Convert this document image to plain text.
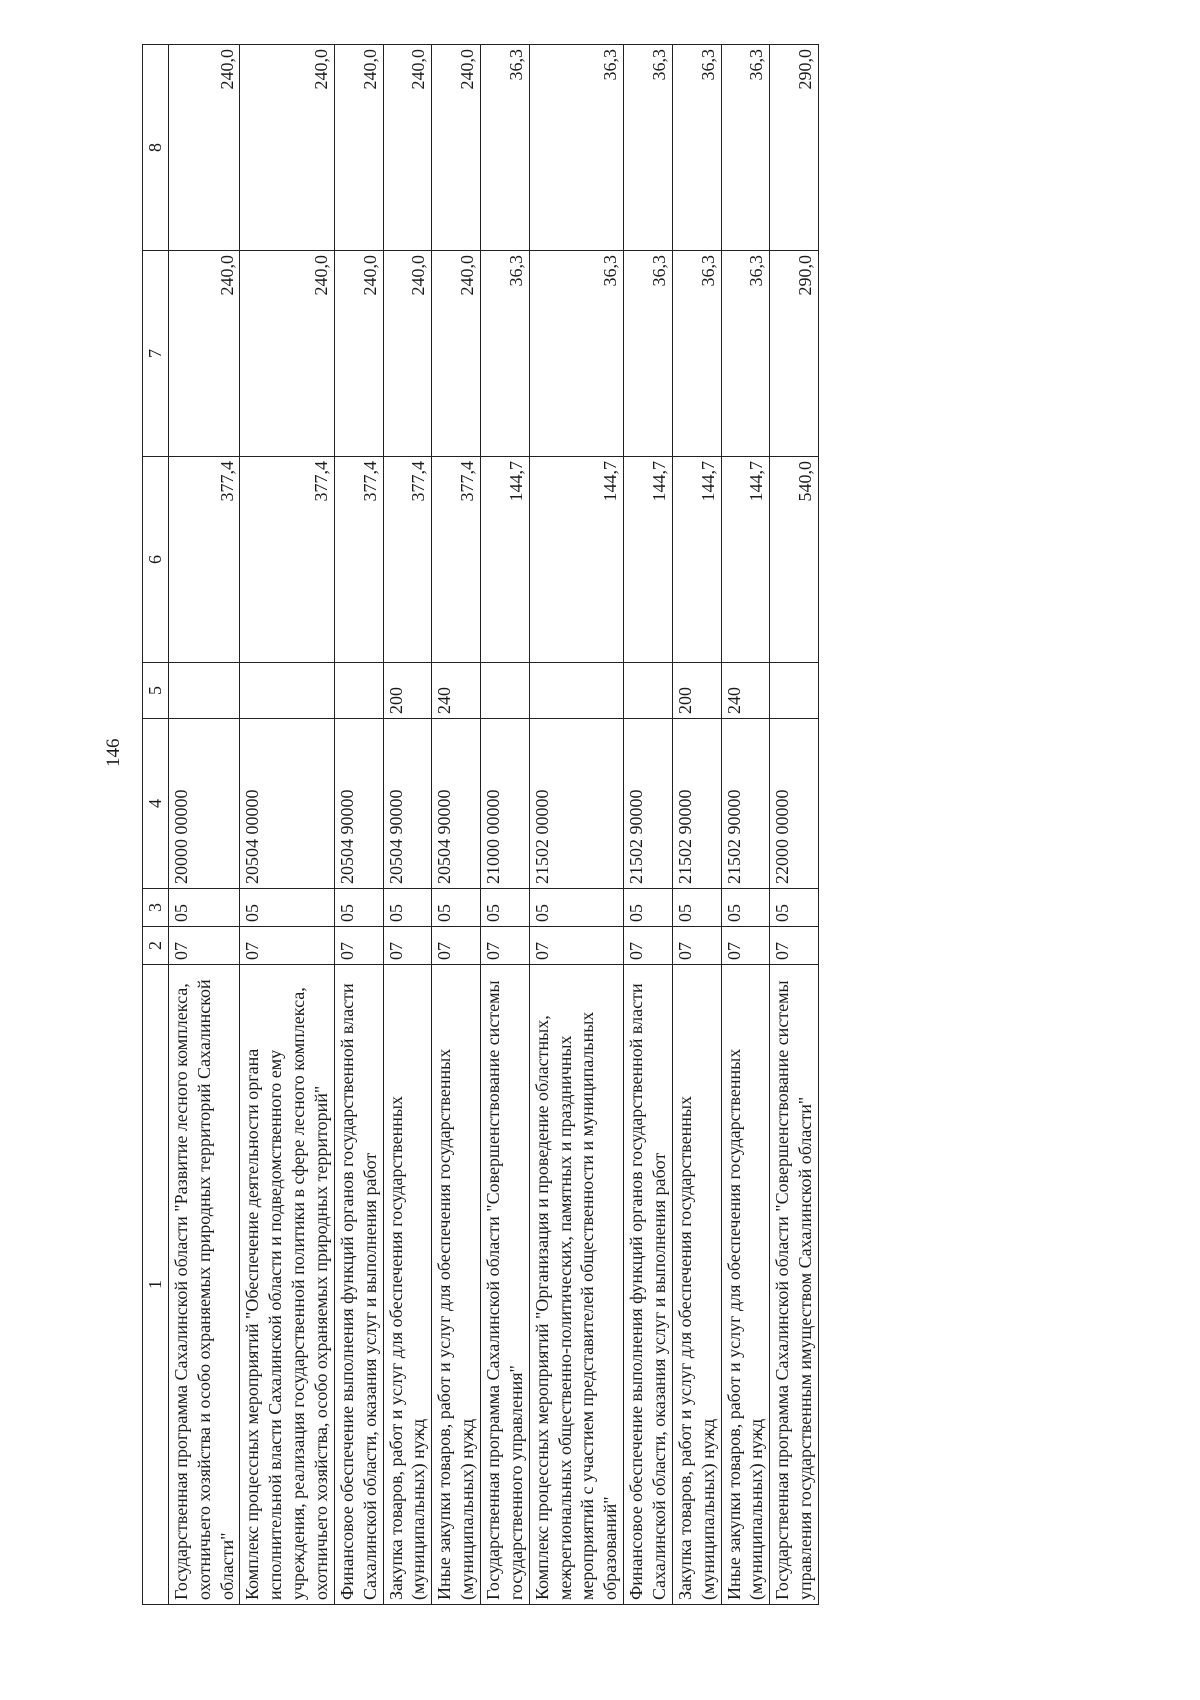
146
1	2	3	4	5	6	7	8
Государственная программа Сахалинской области "Развитие лесного комплекса, охотничьего хозяйства и особо охраняемых природных территорий Сахалинской области"	07	05	20000 00000		377,4	240,0	240,0
Комплекс процессных мероприятий "Обеспечение деятельности органа исполнительной власти Сахалинской области и подведомственного ему учреждения, реализация государственной политики в сфере лесного комплекса, охотничьего хозяйства, особо охраняемых природных территорий"	07	05	20504 00000		377,4	240,0	240,0
Финансовое обеспечение выполнения функций органов государственной власти Сахалинской области, оказания услуг и выполнения работ	07	05	20504 90000		377,4	240,0	240,0
Закупка товаров, работ и услуг для обеспечения государственных (муниципальных) нужд	07	05	20504 90000	200	377,4	240,0	240,0
Иные закупки товаров, работ и услуг для обеспечения государственных (муниципальных) нужд	07	05	20504 90000	240	377,4	240,0	240,0
Государственная программа Сахалинской области "Совершенствование системы государственного управления"	07	05	21000 00000		144,7	36,3	36,3
Комплекс процессных мероприятий "Организация и проведение областных, межрегиональных общественно-политических, памятных и праздничных мероприятий с участием представителей общественности и муниципальных образований"	07	05	21502 00000		144,7	36,3	36,3
Финансовое обеспечение выполнения функций органов государственной власти Сахалинской области, оказания услуг и выполнения работ	07	05	21502 90000		144,7	36,3	36,3
Закупка товаров, работ и услуг для обеспечения государственных (муниципальных) нужд	07	05	21502 90000	200	144,7	36,3	36,3
Иные закупки товаров, работ и услуг для обеспечения государственных (муниципальных) нужд	07	05	21502 90000	240	144,7	36,3	36,3
Государственная программа Сахалинской области "Совершенствование системы управления государственным имуществом Сахалинской области"	07	05	22000 00000		540,0	290,0	290,0
